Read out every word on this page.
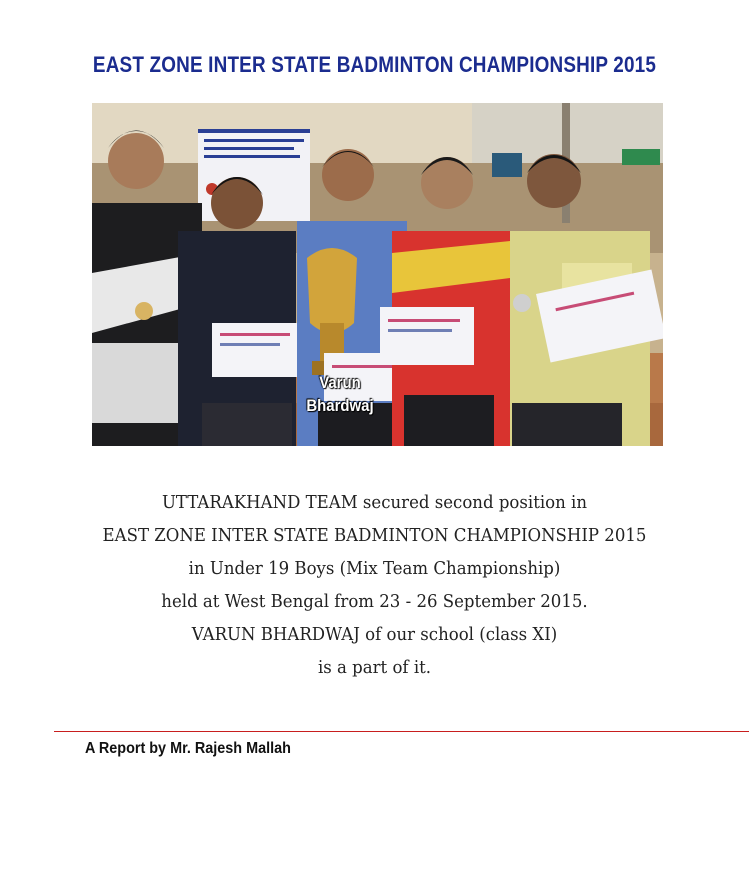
EAST ZONE INTER STATE BADMINTON CHAMPIONSHIP 2015
Varun
Bhardwaj
UTTARAKHAND TEAM secured second position in
EAST ZONE INTER STATE BADMINTON CHAMPIONSHIP 2015
in Under 19 Boys (Mix Team Championship)
held at West Bengal from 23 - 26 September 2015.
VARUN BHARDWAJ of our school (class XI)
is a part of it.
A Report by Mr. Rajesh Mallah
